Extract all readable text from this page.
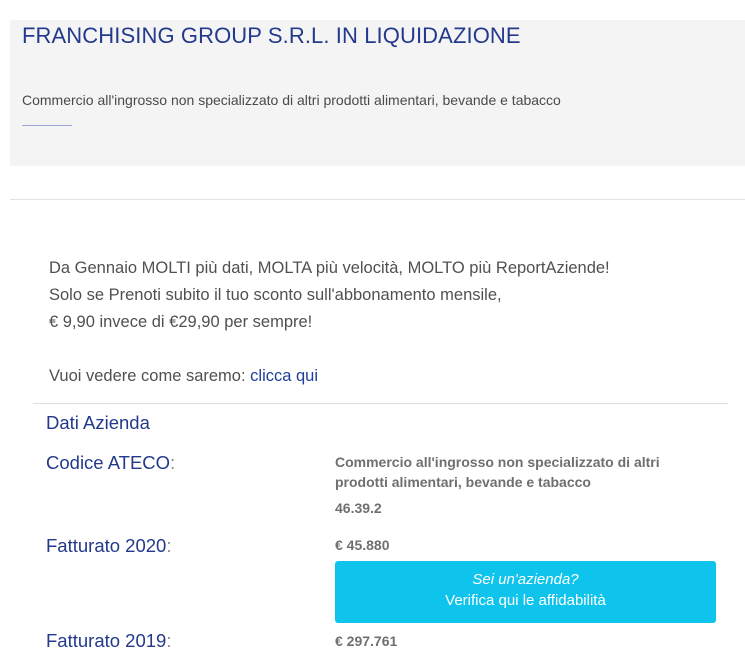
FRANCHISING GROUP S.R.L. IN LIQUIDAZIONE

Commercio all'ingrosso non specializzato di altri prodotti alimentari, bevande e tabacco

Da Gennaio MOLTI più dati, MOLTA più velocità, MOLTO più ReportAziende!

Solo se Prenoti subito il tuo sconto sull'abbonamento mensile,

€ 9,90 invece di €29,90 per sempre!

Vuoi vedere come saremo: clicca qui

Dati Azienda
Codice ATECO:	Commercio all'ingrosso non specializzato di altri prodotti alimentari, bevande e tabacco
46.39.2
Fatturato 2020:	€ 45.880
Sei un'azienda?
Verifica qui le affidabilità
Fatturato 2019:	€ 297.761
